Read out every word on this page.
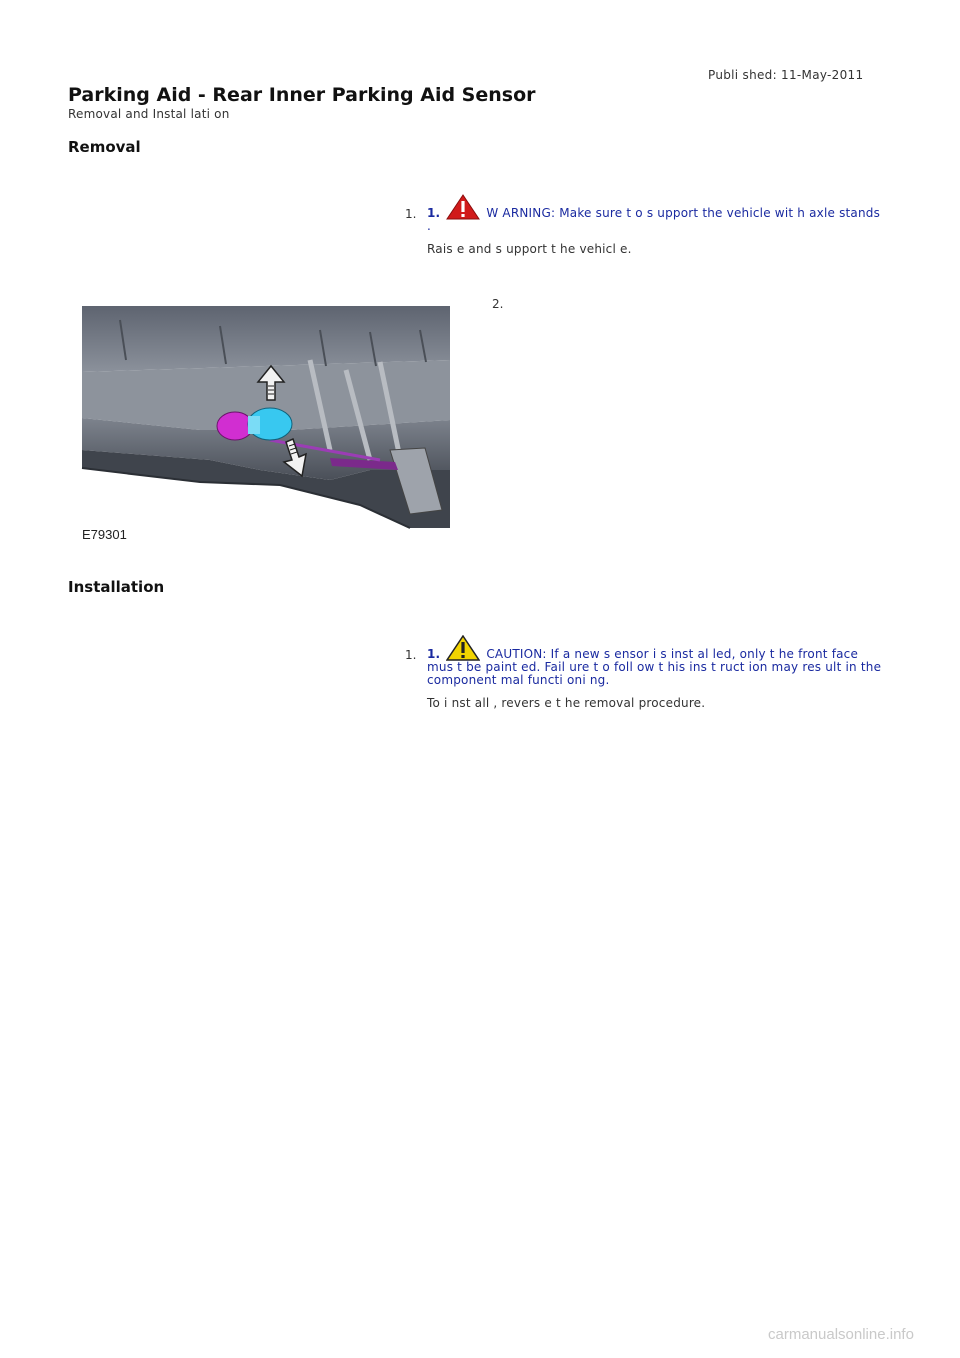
Publi shed: 11-May-2011
Parking Aid - Rear Inner Parking Aid Sensor
Removal and Instal lati on
Removal
1. 1.	W ARNING: Make sure t o s upport the vehicle wit h axle stands .
Rais e and s upport t he vehicl e.
2.
E79301
Installation
1. 1.	CAUTION: If a new s ensor i s inst al led, only t he front face mus t be paint ed. Fail ure t o foll ow t his ins t ruct ion may res ult in the component mal functi oni ng.
To i nst all , revers e t he removal procedure.
carmanualsonline.info
